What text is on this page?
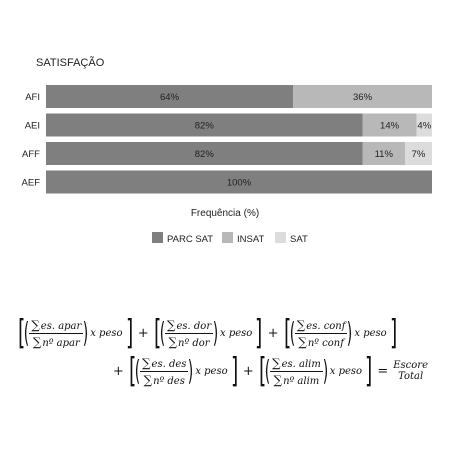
SATISFAÇÃO
AFI	64%	36%
AEI	82%	14% 4%
AFF	82%	11% 7%
AEF	100%
Frequência (%)
PARC SAT	INSAT	SAT
[
( $\frac{\text{∑es. apar}}{\text{∑nº apar}}$ ) x peso ] + [
( $\frac{\text{∑es. dor}}{\text{∑nº dor}}$ ) x peso ] + [
( $\frac{\text{∑es. conf}}{\text{∑nº conf}}$ ) x peso ]
+ [
( $\frac{\text{∑es. des}}{\text{∑nº des}}$ ) x peso ] + [
( $\frac{\sum es. alim}{\text{∑nº alim}}$ ) x peso ] = Escore
Total
